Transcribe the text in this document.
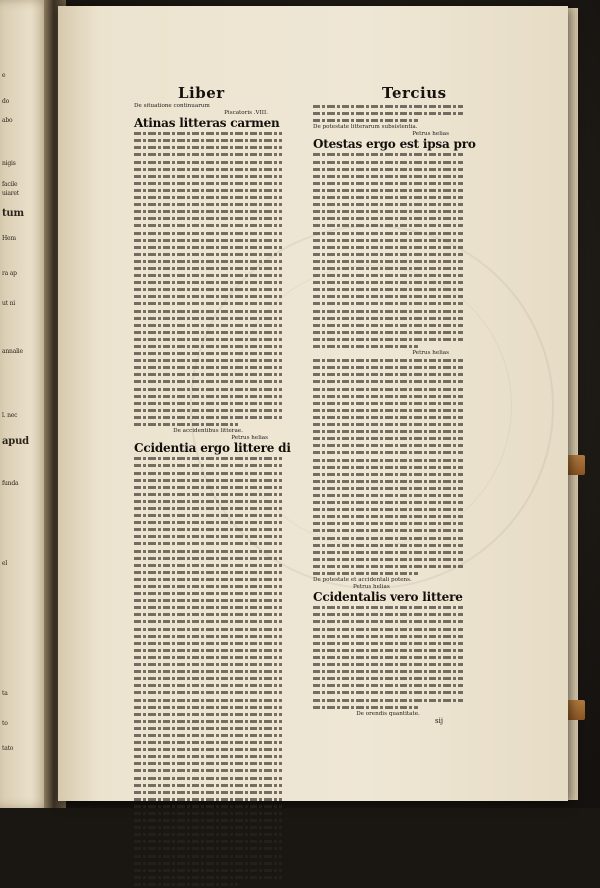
e
do
abo
nigis
facile
uiaret
tum
Hem
ra ap
ut ni
annalie
l. nec
apud
funda
el
ta
to
tato
Liber	Tercius
De situatione continuarum
Piscatoris .VIII.
Atinas litteras carmen
De accidentibus litterae.
Petrus helias
Ccidentia ergo littere di
De potestate litterarum subsistentia.
Petrus helias
Otestas ergo est ipsa pro
Petrus helias
De potestate et accidentali potens.
Petrus helias
Ccidentalis vero littere
De orendis quantitate.
sij
